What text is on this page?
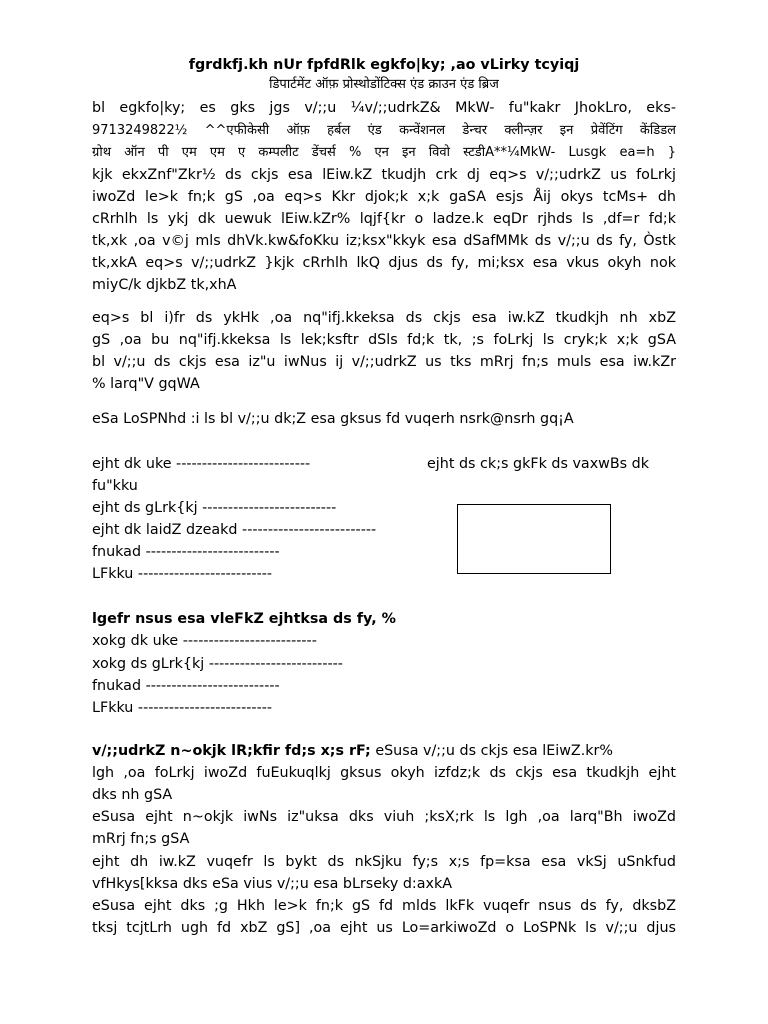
fgrdkfj.kh nUr fpfdRlk egkfo|ky; ,ao vLirky tcyiqj
डिपार्टमेंट ऑफ़ प्रोस्थोडोंटिक्स एंड क्राउन एंड ब्रिज
bl egkfo|ky; es gks jgs v/;;u ¼v/;;udrkZ& MkW- fu"kakr JhokLro, eks-
9713249822½ ^^एफीकेसी ऑफ़ हर्बल एंड कन्वेंशनल डेन्चर क्लीन्ज़र इन प्रेवेंटिंग केंडिडल
ग्रोथ ऑन पी एम एम ए कम्पलीट डेंचर्स % एन इन विवो स्टडीA**¼MkW- Lusgk ea=h }
kjk ekxZnf"Zkr½ ds ckjs esa lEiw.kZ tkudjh crk dj eq>s v/;;udrkZ us foLrkj
iwoZd le>k fn;k gS ,oa eq>s Kkr djok;k x;k gaSA esjs Åij okys tcMs+ dh
cRrhlh ls ykj dk uewuk lEiw.kZr% lqjf{kr o ladze.k eqDr rjhds ls ,df=r fd;k
tk,xk ,oa v©j mls dhVk.kw&foKku iz;ksx"kkyk esa dSafMMk ds v/;;u ds fy, Òstk
tk,xkA eq>s v/;;udrkZ }kjk cRrhlh lkQ djus ds fy, mi;ksx esa vkus okyh nok
miyC/k djkbZ tk,xhA
eq>s bl i)fr ds ykHk ,oa nq"ifj.kkeksa ds ckjs esa iw.kZ tkudkjh nh xbZ
gS ,oa bu nq"ifj.kkeksa ls lek;ksftr dSls fd;k tk, ;s foLrkj ls cryk;k x;k gSA
bl v/;;u ds ckjs esa iz"u iwNus ij v/;;udrkZ us tks mRrj fn;s muls esa iw.kZr
% larq"V gqWA
eSa LoSPNhd :i ls bl v/;;u dk;Z esa gksus fd vuqerh nsrk@nsrh gq¡A
ejht dk uke --------------------------	ejht ds ck;s gkFk ds vaxwBs dk
fu"kku
ejht ds gLrk{kj --------------------------
ejht dk laidZ dzeakd --------------------------
fnukad --------------------------
LFkku --------------------------
lgefr nsus esa vleFkZ ejhtksa ds fy, %
xokg dk uke --------------------------
xokg ds gLrk{kj --------------------------
fnukad --------------------------
LFkku --------------------------
v/;;udrkZ n~okjk lR;kfir fd;s x;s rF; eSusa v/;;u ds ckjs esa lEiwZ.kr%
lgh ,oa foLrkj iwoZd fuEukuqlkj gksus okyh izfdz;k ds ckjs esa tkudkjh ejht
dks nh gSA
eSusa ejht n~okjk iwNs iz"uksa dks viuh ;ksX;rk ls lgh ,oa larq"Bh iwoZd
mRrj fn;s gSA
ejht dh iw.kZ vuqefr ls bykt ds nkSjku fy;s x;s fp=ksa esa vkSj uSnkfud
vfHkys[kksa dks eSa vius v/;;u esa bLrseky d:axkA
eSusa ejht dks ;g Hkh le>k fn;k gS fd mlds lkFk vuqefr nsus ds fy, dksbZ
tksj tcjtLrh ugh fd xbZ gS] ,oa ejht us Lo=arkiwoZd o LoSPNk ls v/;;u djus
